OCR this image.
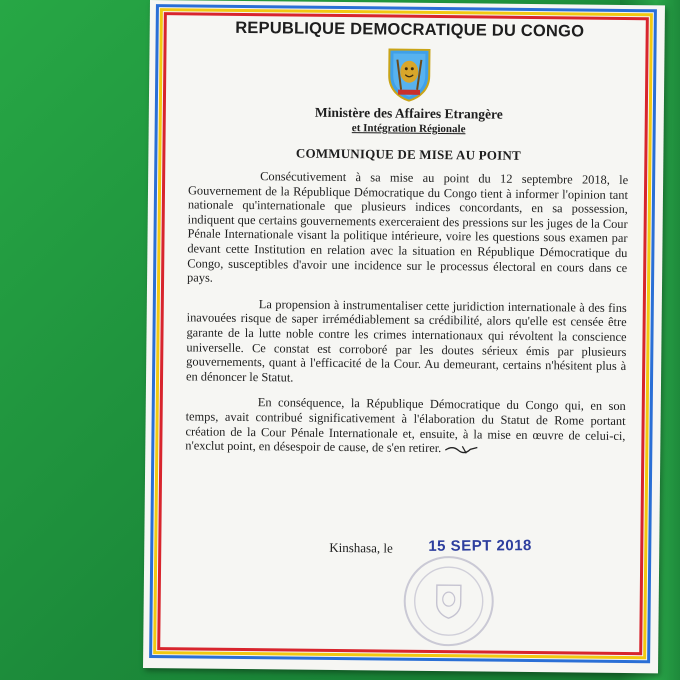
REPUBLIQUE DEMOCRATIQUE DU CONGO
Ministère des Affaires Etrangère
et Intégration Régionale
COMMUNIQUE DE MISE AU POINT

Consécutivement à sa mise au point du 12 septembre 2018, le Gouvernement de la République Démocratique du Congo tient à informer l'opinion tant nationale qu'internationale que plusieurs indices concordants, en sa possession, indiquent que certains gouvernements exerceraient des pressions sur les juges de la Cour Pénale Internationale visant la politique intérieure, voire les questions sous examen par devant cette Institution en relation avec la situation en République Démocratique du Congo, susceptibles d'avoir une incidence sur le processus électoral en cours dans ce pays.

La propension à instrumentaliser cette juridiction internationale à des fins inavouées risque de saper irrémédiablement sa crédibilité, alors qu'elle est censée être garante de la lutte noble contre les crimes internationaux qui révoltent la conscience universelle. Ce constat est corroboré par les doutes sérieux émis par plusieurs gouvernements, quant à l'efficacité de la Cour. Au demeurant, certains n'hésitent plus à en dénoncer le Statut.

En conséquence, la République Démocratique du Congo qui, en son temps, avait contribué significativement à l'élaboration du Statut de Rome portant création de la Cour Pénale Internationale et, ensuite, à la mise en œuvre de celui-ci, n'exclut point, en désespoir de cause, de s'en retirer.

Kinshasa, le 15 SEPT 2018
